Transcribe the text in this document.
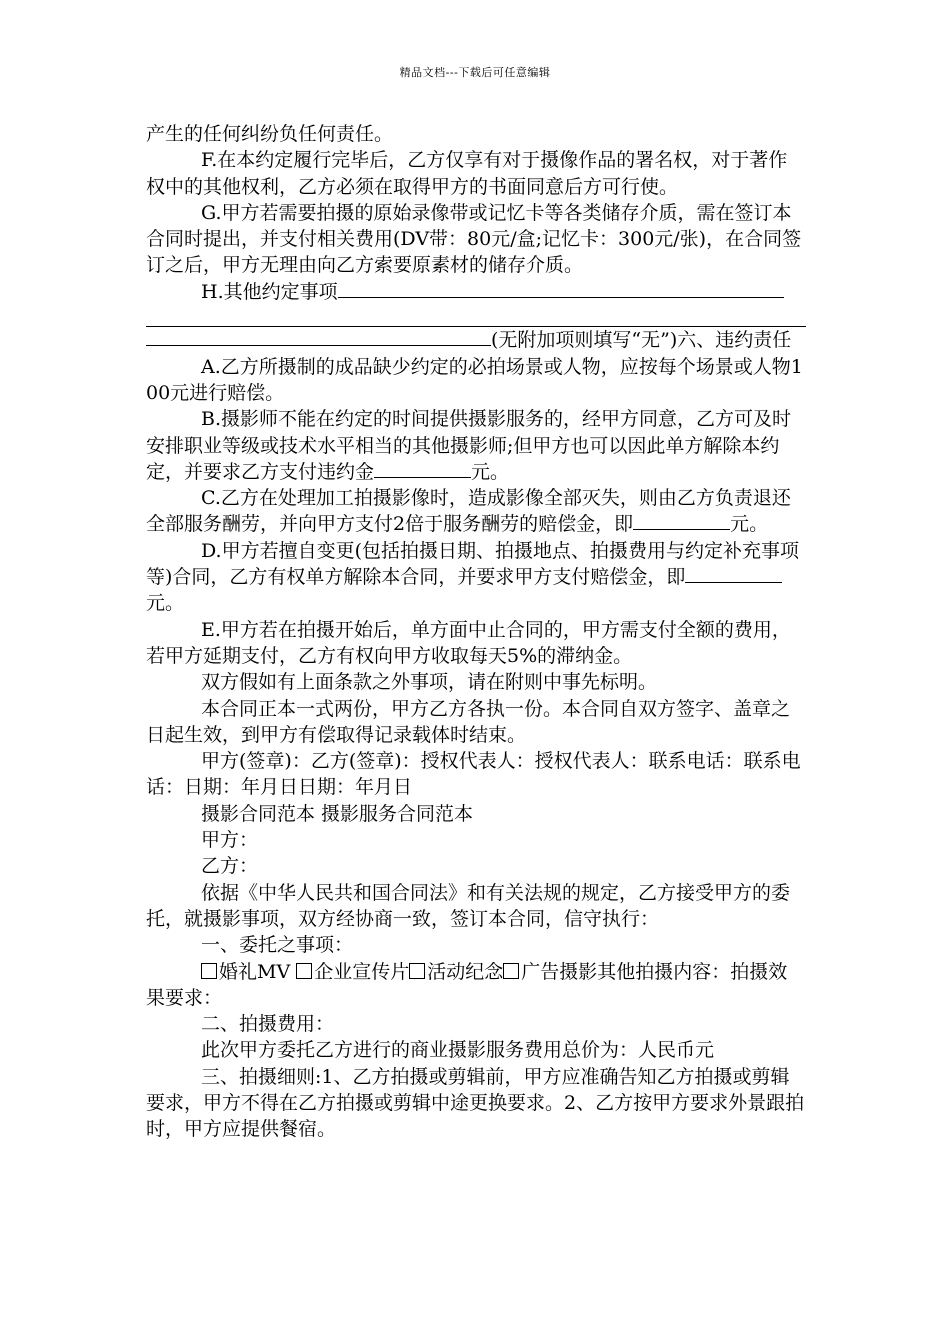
精品文档---下载后可任意编辑

产生的任何纠纷负任何责任。

F.在本约定履行完毕后，乙方仅享有对于摄像作品的署名权，对于著作权中的其他权利，乙方必须在取得甲方的书面同意后方可行使。

G.甲方若需要拍摄的原始录像带或记忆卡等各类储存介质，需在签订本合同时提出，并支付相关费用(DV带：80元/盒;记忆卡：300元/张)，在合同签订之后，甲方无理由向乙方索要原素材的储存介质。

H.其他约定事项

(无附加项则填写“无”)六、违约责任

A.乙方所摄制的成品缺少约定的必拍场景或人物，应按每个场景或人物100元进行赔偿。

B.摄影师不能在约定的时间提供摄影服务的，经甲方同意，乙方可及时安排职业等级或技术水平相当的其他摄影师;但甲方也可以因此单方解除本约定，并要求乙方支付违约金	元。

C.乙方在处理加工拍摄影像时，造成影像全部灭失，则由乙方负责退还全部服务酬劳，并向甲方支付2倍于服务酬劳的赔偿金，即	元。

D.甲方若擅自变更(包括拍摄日期、拍摄地点、拍摄费用与约定补充事项等)合同，乙方有权单方解除本合同，并要求甲方支付赔偿金，即元。

E.甲方若在拍摄开始后，单方面中止合同的，甲方需支付全额的费用，若甲方延期支付，乙方有权向甲方收取每天5%的滞纳金。

双方假如有上面条款之外事项，请在附则中事先标明。

本合同正本一式两份，甲方乙方各执一份。本合同自双方签字、盖章之日起生效，到甲方有偿取得记录载体时结束。

甲方(签章)：乙方(签章)：授权代表人：授权代表人：联系电话：联系电话：日期：年月日日期：年月日

摄影合同范本 摄影服务合同范本

甲方：

乙方：

依据《中华人民共和国合同法》和有关法规的规定，乙方接受甲方的委托，就摄影事项，双方经协商一致，签订本合同，信守执行：

一、委托之事项：

婚礼MV 企业宣传片 活动纪念 广告摄影其他拍摄内容：拍摄效果要求：

二、拍摄费用：

此次甲方委托乙方进行的商业摄影服务费用总价为：人民币元

三、拍摄细则:1、乙方拍摄或剪辑前，甲方应准确告知乙方拍摄或剪辑要求，甲方不得在乙方拍摄或剪辑中途更换要求。2、乙方按甲方要求外景跟拍时，甲方应提供餐宿。
